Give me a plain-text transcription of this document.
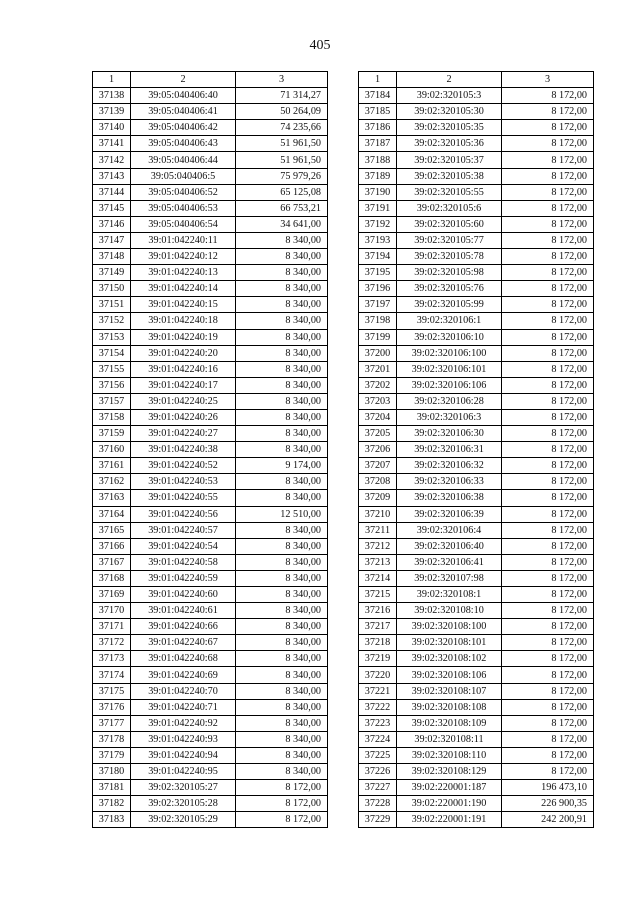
405
1	2	3
37138	39:05:040406:40	71 314,27
37139	39:05:040406:41	50 264,09
37140	39:05:040406:42	74 235,66
37141	39:05:040406:43	51 961,50
37142	39:05:040406:44	51 961,50
37143	39:05:040406:5	75 979,26
37144	39:05:040406:52	65 125,08
37145	39:05:040406:53	66 753,21
37146	39:05:040406:54	34 641,00
37147	39:01:042240:11	8 340,00
37148	39:01:042240:12	8 340,00
37149	39:01:042240:13	8 340,00
37150	39:01:042240:14	8 340,00
37151	39:01:042240:15	8 340,00
37152	39:01:042240:18	8 340,00
37153	39:01:042240:19	8 340,00
37154	39:01:042240:20	8 340,00
37155	39:01:042240:16	8 340,00
37156	39:01:042240:17	8 340,00
37157	39:01:042240:25	8 340,00
37158	39:01:042240:26	8 340,00
37159	39:01:042240:27	8 340,00
37160	39:01:042240:38	8 340,00
37161	39:01:042240:52	9 174,00
37162	39:01:042240:53	8 340,00
37163	39:01:042240:55	8 340,00
37164	39:01:042240:56	12 510,00
37165	39:01:042240:57	8 340,00
37166	39:01:042240:54	8 340,00
37167	39:01:042240:58	8 340,00
37168	39:01:042240:59	8 340,00
37169	39:01:042240:60	8 340,00
37170	39:01:042240:61	8 340,00
37171	39:01:042240:66	8 340,00
37172	39:01:042240:67	8 340,00
37173	39:01:042240:68	8 340,00
37174	39:01:042240:69	8 340,00
37175	39:01:042240:70	8 340,00
37176	39:01:042240:71	8 340,00
37177	39:01:042240:92	8 340,00
37178	39:01:042240:93	8 340,00
37179	39:01:042240:94	8 340,00
37180	39:01:042240:95	8 340,00
37181	39:02:320105:27	8 172,00
37182	39:02:320105:28	8 172,00
37183	39:02:320105:29	8 172,00
1	2	3
37184	39:02:320105:3	8 172,00
37185	39:02:320105:30	8 172,00
37186	39:02:320105:35	8 172,00
37187	39:02:320105:36	8 172,00
37188	39:02:320105:37	8 172,00
37189	39:02:320105:38	8 172,00
37190	39:02:320105:55	8 172,00
37191	39:02:320105:6	8 172,00
37192	39:02:320105:60	8 172,00
37193	39:02:320105:77	8 172,00
37194	39:02:320105:78	8 172,00
37195	39:02:320105:98	8 172,00
37196	39:02:320105:76	8 172,00
37197	39:02:320105:99	8 172,00
37198	39:02:320106:1	8 172,00
37199	39:02:320106:10	8 172,00
37200	39:02:320106:100	8 172,00
37201	39:02:320106:101	8 172,00
37202	39:02:320106:106	8 172,00
37203	39:02:320106:28	8 172,00
37204	39:02:320106:3	8 172,00
37205	39:02:320106:30	8 172,00
37206	39:02:320106:31	8 172,00
37207	39:02:320106:32	8 172,00
37208	39:02:320106:33	8 172,00
37209	39:02:320106:38	8 172,00
37210	39:02:320106:39	8 172,00
37211	39:02:320106:4	8 172,00
37212	39:02:320106:40	8 172,00
37213	39:02:320106:41	8 172,00
37214	39:02:320107:98	8 172,00
37215	39:02:320108:1	8 172,00
37216	39:02:320108:10	8 172,00
37217	39:02:320108:100	8 172,00
37218	39:02:320108:101	8 172,00
37219	39:02:320108:102	8 172,00
37220	39:02:320108:106	8 172,00
37221	39:02:320108:107	8 172,00
37222	39:02:320108:108	8 172,00
37223	39:02:320108:109	8 172,00
37224	39:02:320108:11	8 172,00
37225	39:02:320108:110	8 172,00
37226	39:02:320108:129	8 172,00
37227	39:02:220001:187	196 473,10
37228	39:02:220001:190	226 900,35
37229	39:02:220001:191	242 200,91
